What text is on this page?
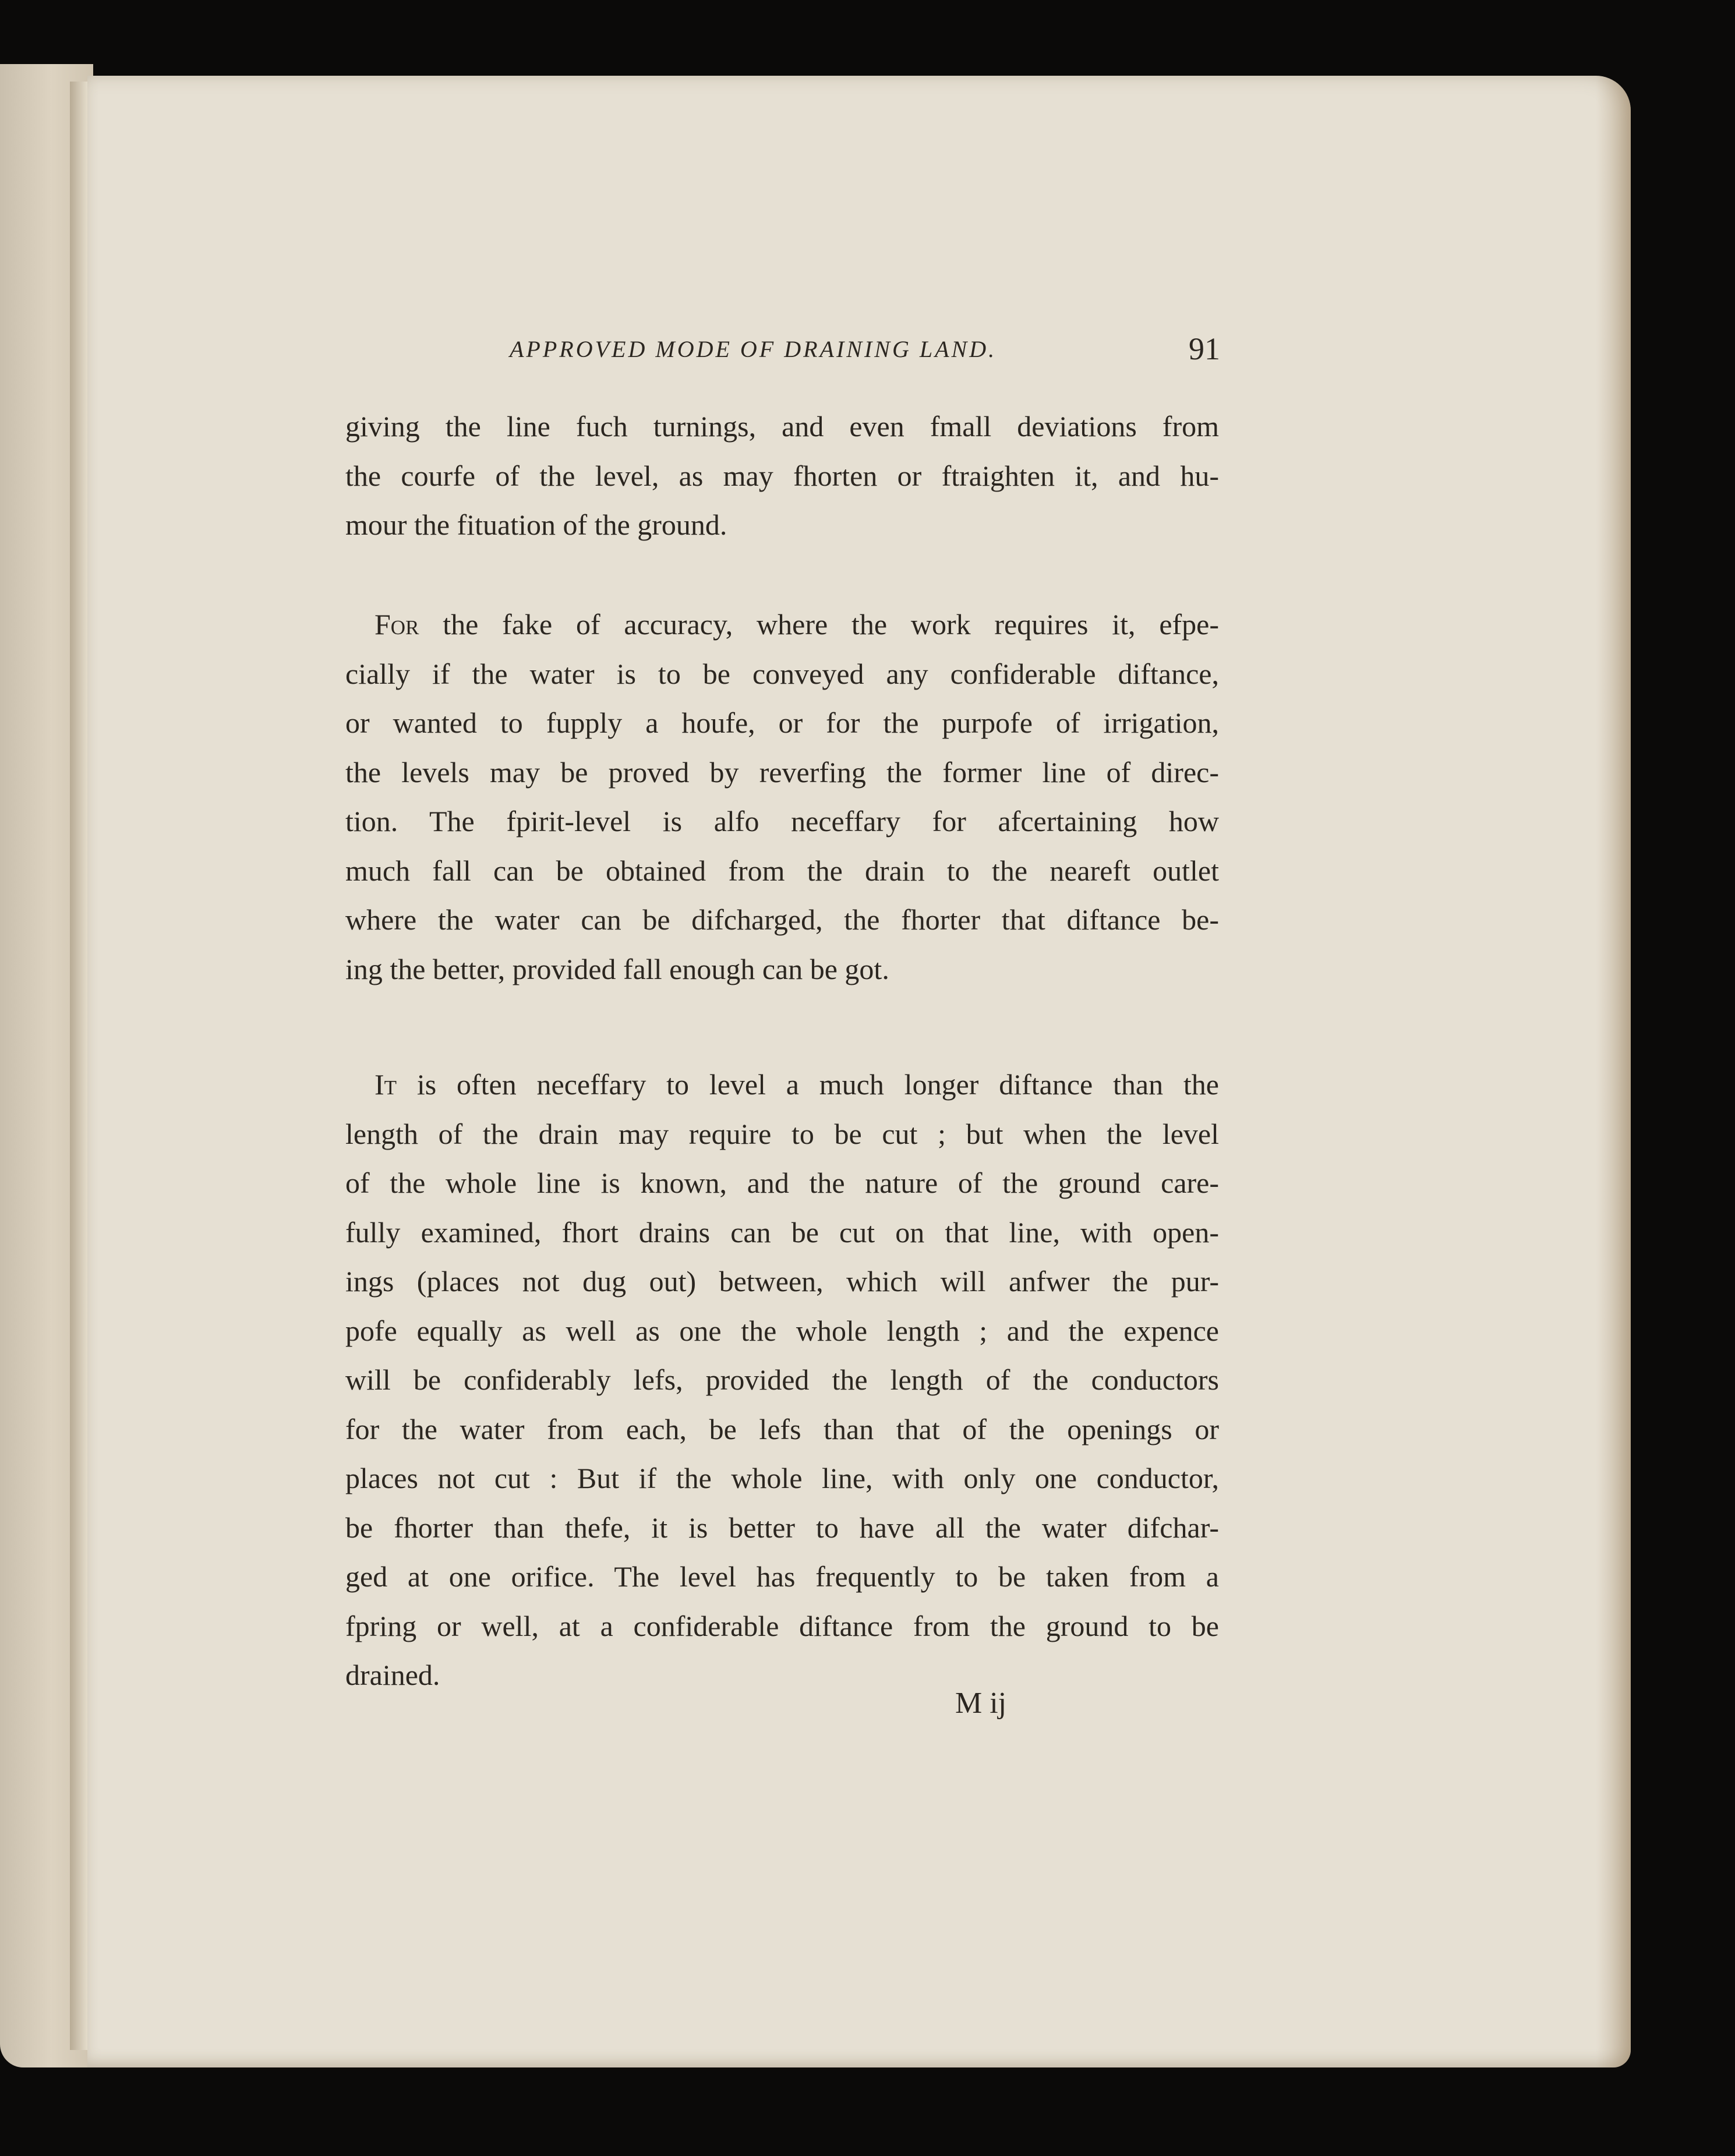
APPROVED MODE OF DRAINING LAND.	91
giving the line fuch turnings, and even fmall deviations from
the courfe of the level, as may fhorten or ftraighten it, and hu-
mour the fituation of the ground.
 For the fake of accuracy, where the work requires it, efpe-
cially if the water is to be conveyed any confiderable diftance,
or wanted to fupply a houfe, or for the purpofe of irrigation,
the levels may be proved by reverfing the former line of direc-
tion. The fpirit-level is alfo neceffary for afcertaining how
much fall can be obtained from the drain to the neareft outlet
where the water can be difcharged, the fhorter that diftance be-
ing the better, provided fall enough can be got.
 It is often neceffary to level a much longer diftance than the
length of the drain may require to be cut ; but when the level
of the whole line is known, and the nature of the ground care-
fully examined, fhort drains can be cut on that line, with open-
ings (places not dug out) between, which will anfwer the pur-
pofe equally as well as one the whole length ; and the expence
will be confiderably lefs, provided the length of the conductors
for the water from each, be lefs than that of the openings or
places not cut : But if the whole line, with only one conductor,
be fhorter than thefe, it is better to have all the water difchar-
ged at one orifice. The level has frequently to be taken from a
fpring or well, at a confiderable diftance from the ground to be
drained.
M ij
